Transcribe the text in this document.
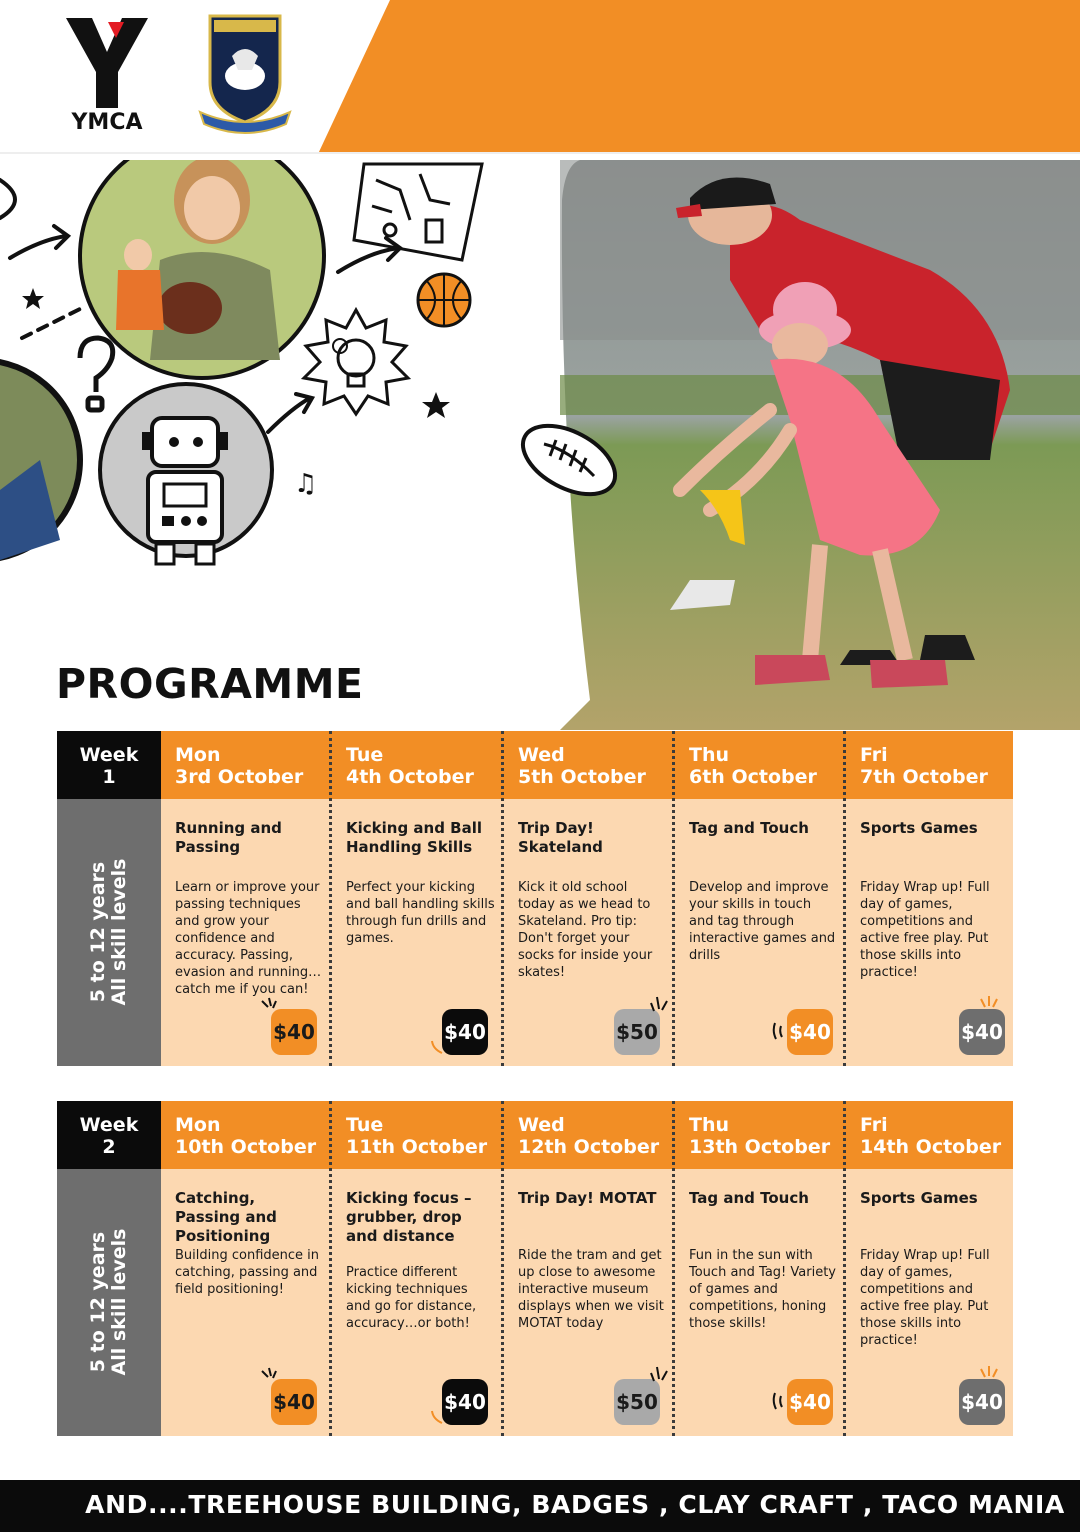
YMCA
♫
PROGRAMME
Week
1
5 to 12 years All skill levels
Mon
3rd October
Running and Passing
Learn or improve your passing techniques and grow your confidence and accuracy. Passing, evasion and running… catch me if you can!
$40
Tue
4th October
Kicking and Ball Handling Skills
Perfect your kicking and ball handling skills through fun drills and games.
$40
Wed
5th October
Trip Day! Skateland
Kick it old school today as we head to Skateland. Pro tip: Don't forget your socks for inside your skates!
$50
Thu
6th October
Tag and Touch
Develop and improve your skills in touch and tag through interactive games and drills
$40
Fri
7th October
Sports Games
Friday Wrap up! Full day of games, competitions and active free play. Put those skills into practice!
$40
Week
2
5 to 12 years All skill levels
Mon
10th October
Catching, Passing and Positioning
Building confidence in catching, passing and field positioning!
$40
Tue
11th October
Kicking focus – grubber, drop and distance
Practice different kicking techniques and go for distance, accuracy…or both!
$40
Wed
12th October
Trip Day! MOTAT
Ride the tram and get up close to awesome interactive museum displays when we visit MOTAT today
$50
Thu
13th October
Tag and Touch
Fun in the sun with Touch and Tag! Variety of games and competitions, honing those skills!
$40
Fri
14th October
Sports Games
Friday Wrap up! Full day of games, competitions and active free play. Put those skills into practice!
$40
AND....TREEHOUSE BUILDING, BADGES , CLAY CRAFT , TACO MANIA
